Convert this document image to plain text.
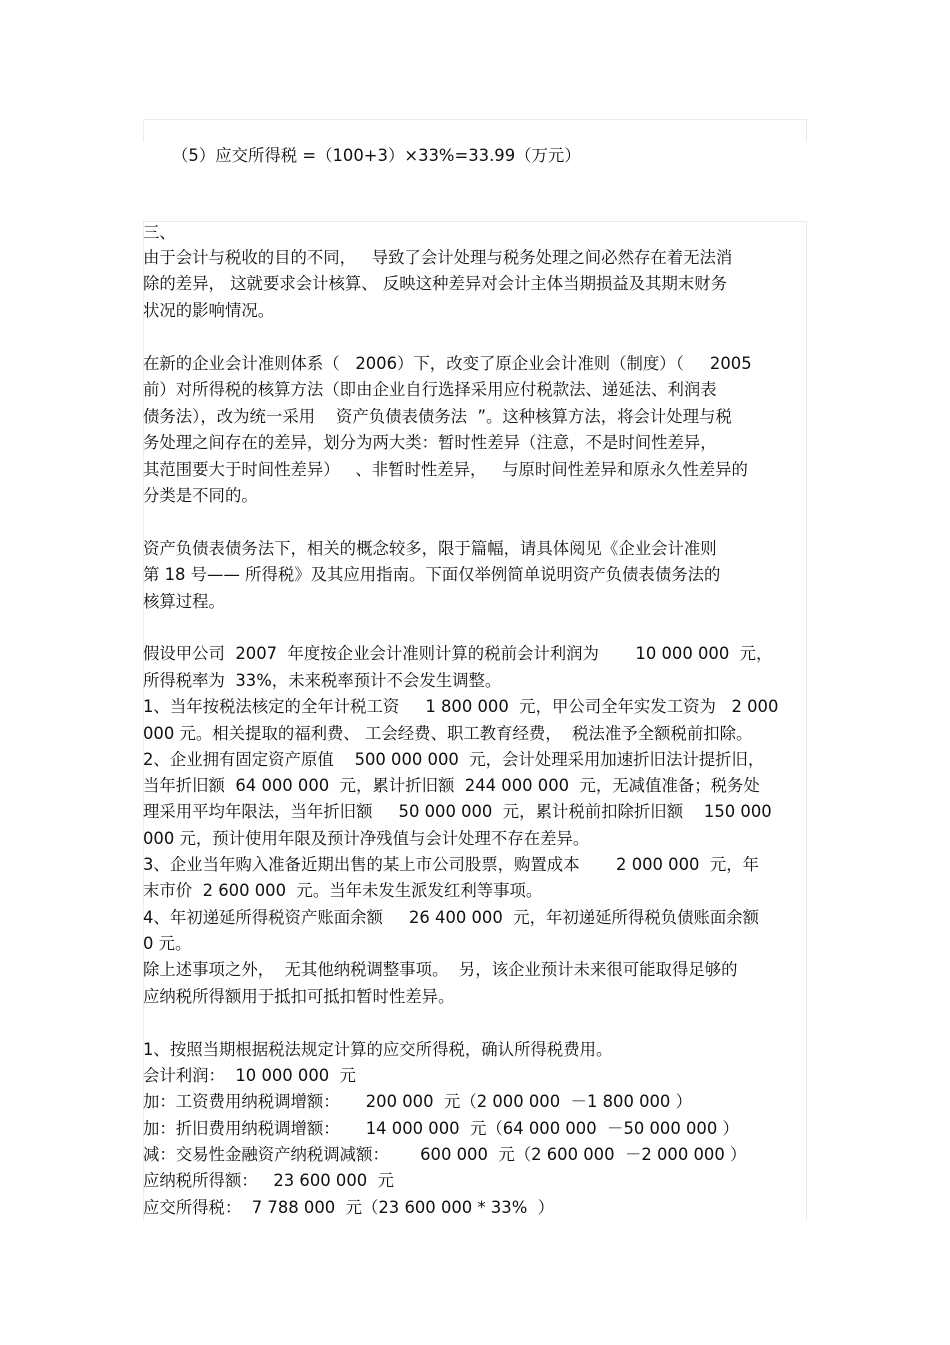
（5）应交所得税 =（100+3）×33%=33.99（万元）
三、
由于会计与税收的目的不同，   导致了会计处理与税务处理之间必然存在着无法消
除的差异， 这就要求会计核算、 反映这种差异对会计主体当期损益及其期末财务
状况的影响情况。
在新的企业会计准则体系（   2006）下，改变了原企业会计准则（制度）（     2005
前）对所得税的核算方法（即由企业自行选择采用应付税款法、递延法、利润表
债务法），改为统一采用    资产负债表债务法  ”。这种核算方法，将会计处理与税
务处理之间存在的差异，划分为两大类：暂时性差异（注意，不是时间性差异，
其范围要大于时间性差异）   、非暂时性差异，   与原时间性差异和原永久性差异的
分类是不同的。
资产负债表债务法下，相关的概念较多，限于篇幅，请具体阅见《企业会计准则
第 18 号—— 所得税》及其应用指南。下面仅举例简单说明资产负债表债务法的
核算过程。
假设甲公司  2007  年度按企业会计准则计算的税前会计利润为       10 000 000  元，
所得税率为  33%，未来税率预计不会发生调整。
1、当年按税法核定的全年计税工资     1 800 000  元，甲公司全年实发工资为   2 000
000 元。相关提取的福利费、 工会经费、职工教育经费，  税法准予全额税前扣除。
2、企业拥有固定资产原值    500 000 000  元，会计处理采用加速折旧法计提折旧，
当年折旧额  64 000 000  元，累计折旧额  244 000 000  元，无减值准备；税务处
理采用平均年限法，当年折旧额     50 000 000  元，累计税前扣除折旧额    150 000
000 元，预计使用年限及预计净残值与会计处理不存在差异。
3、企业当年购入准备近期出售的某上市公司股票，购置成本       2 000 000  元，年
末市价  2 600 000  元。当年未发生派发红利等事项。
4、年初递延所得税资产账面余额     26 400 000  元，年初递延所得税负债账面余额
0 元。
除上述事项之外，  无其他纳税调整事项。  另，该企业预计未来很可能取得足够的
应纳税所得额用于抵扣可抵扣暂时性差异。
1、按照当期根据税法规定计算的应交所得税，确认所得税费用。
会计利润：  10 000 000  元
加：工资费用纳税调增额：     200 000  元（2 000 000  －1 800 000 ）
加：折旧费用纳税调增额：     14 000 000  元（64 000 000  －50 000 000 ）
减：交易性金融资产纳税调减额：      600 000  元（2 600 000  －2 000 000 ）
应纳税所得额：   23 600 000  元
应交所得税：  7 788 000  元（23 600 000 * 33%  ）
